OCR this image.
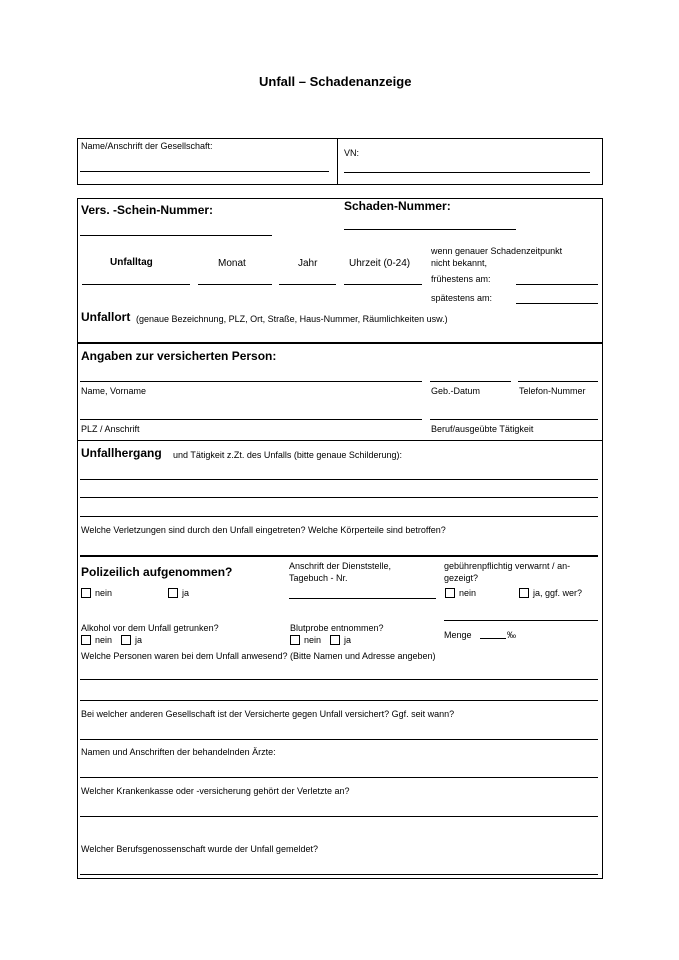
Unfall – Schadenanzeige
Name/Anschrift der Gesellschaft:
VN:
Vers. -Schein-Nummer:	Schaden-Nummer:
Unfalltag	Monat	Jahr	Uhrzeit (0-24)
wenn genauer Schadenzeitpunkt
nicht bekannt,
frühestens am:
spätestens am:
Unfallort (genaue Bezeichnung, PLZ, Ort, Straße, Haus-Nummer, Räumlichkeiten usw.)
Angaben zur versicherten Person:
Name, Vorname	Geb.-Datum	Telefon-Nummer
PLZ / Anschrift	Beruf/ausgeübte Tätigkeit
Unfallhergang und Tätigkeit z.Zt. des Unfalls (bitte genaue Schilderung):
Welche Verletzungen sind durch den Unfall eingetreten? Welche Körperteile sind betroffen?
Polizeilich aufgenommen?
nein	ja
Anschrift der Dienststelle,
Tagebuch - Nr.
gebührenpflichtig verwarnt / an-
gezeigt?
nein	ja, ggf. wer?
Alkohol vor dem Unfall getrunken?
nein	ja
Blutprobe entnommen?
nein	ja	Menge	‰
Welche Personen waren bei dem Unfall anwesend? (Bitte Namen und Adresse angeben)
Bei welcher anderen Gesellschaft ist der Versicherte gegen Unfall versichert? Ggf. seit wann?
Namen und Anschriften der behandelnden Ärzte:
Welcher Krankenkasse oder -versicherung gehört der Verletzte an?
Welcher Berufsgenossenschaft wurde der Unfall gemeldet?
